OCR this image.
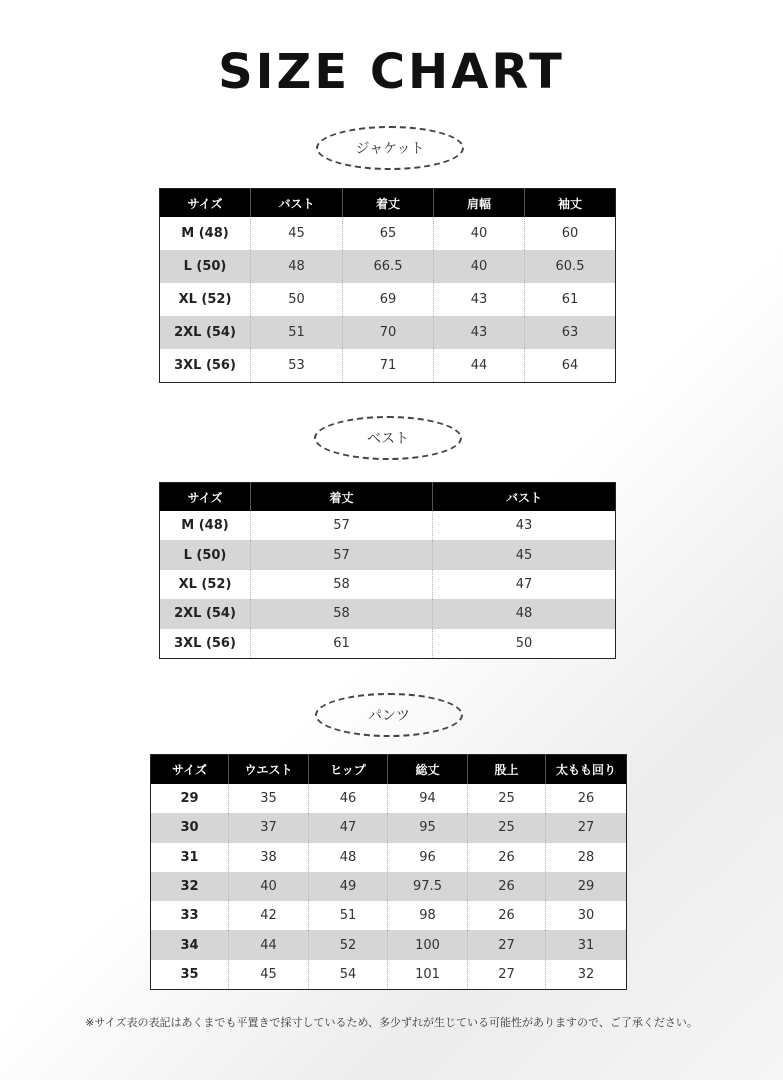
SIZE CHART
ジャケット
サイズ	バスト	着丈	肩幅	袖丈
M (48)	45	65	40	60
L (50)	48	66.5	40	60.5
XL (52)	50	69	43	61
2XL (54)	51	70	43	63
3XL (56)	53	71	44	64
ベスト
サイズ	着丈	バスト
M (48)	57	43
L (50)	57	45
XL (52)	58	47
2XL (54)	58	48
3XL (56)	61	50
パンツ
サイズ	ウエスト	ヒップ	総丈	股上	太もも回り
29	35	46	94	25	26
30	37	47	95	25	27
31	38	48	96	26	28
32	40	49	97.5	26	29
33	42	51	98	26	30
34	44	52	100	27	31
35	45	54	101	27	32
※サイズ表の表記はあくまでも平置きで採寸しているため、多少ずれが生じている可能性がありますので、ご了承ください。
